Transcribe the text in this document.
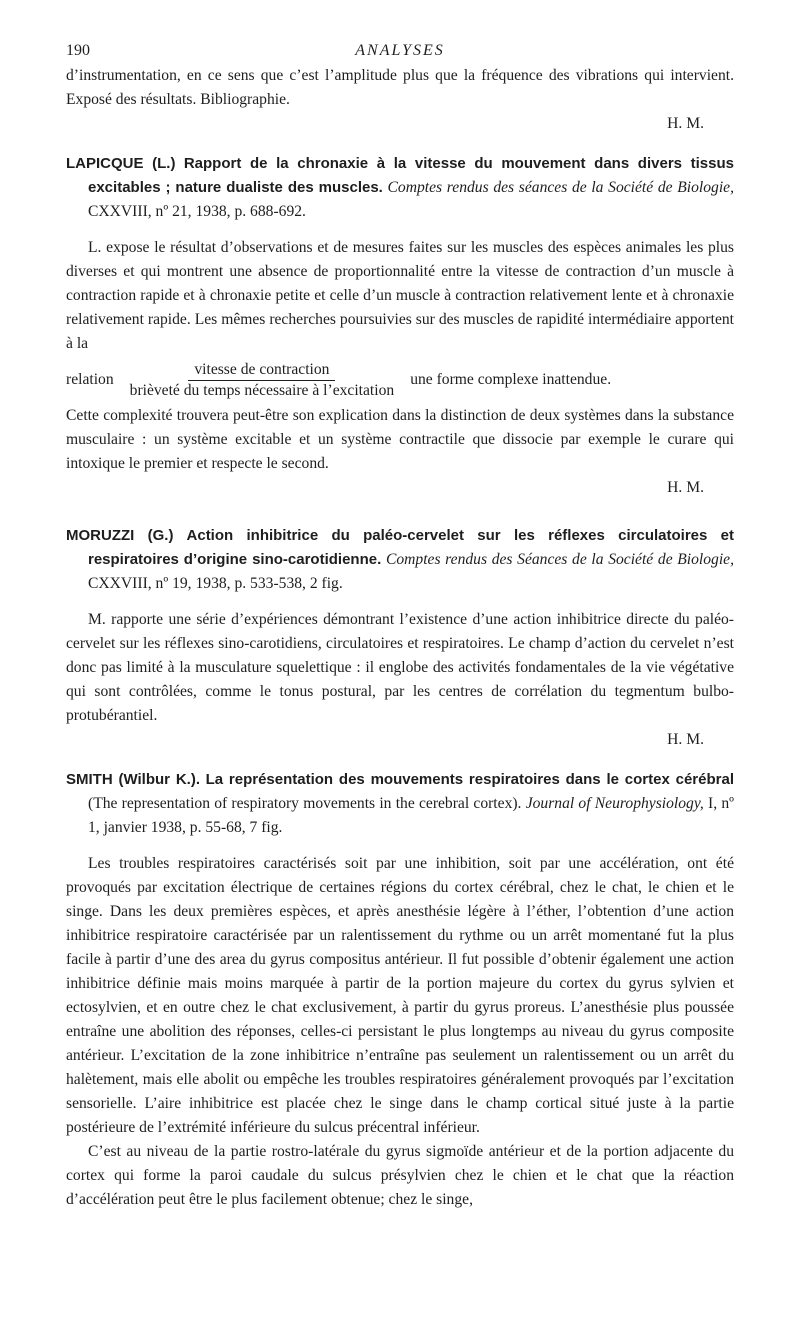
190	ANALYSES

d’instrumentation, en ce sens que c’est l’amplitude plus que la fréquence des vibrations qui intervient. Exposé des résultats. Bibliographie.

H. M.

LAPICQUE (L.) Rapport de la chronaxie à la vitesse du mouvement dans divers tissus excitables ; nature dualiste des muscles. Comptes rendus des séances de la Société de Biologie, CXXVIII, nº 21, 1938, p. 688-692.

L. expose le résultat d’observations et de mesures faites sur les muscles des espèces animales les plus diverses et qui montrent une absence de proportionnalité entre la vitesse de contraction d’un muscle à contraction rapide et à chronaxie petite et celle d’un muscle à contraction relativement lente et à chronaxie relativement rapide. Les mêmes recherches poursuivies sur des muscles de rapidité intermédiaire apportent à la

relation $\frac{\text{vitesse de contraction}}{\text{brièveté du temps nécessaire à l’excitation}}$ une forme complexe inattendue.

Cette complexité trouvera peut-être son explication dans la distinction de deux systèmes dans la substance musculaire : un système excitable et un système contractile que dissocie par exemple le curare qui intoxique le premier et respecte le second.

H. M.

MORUZZI (G.) Action inhibitrice du paléo-cervelet sur les réflexes circulatoires et respiratoires d’origine sino-carotidienne. Comptes rendus des Séances de la Société de Biologie, CXXVIII, nº 19, 1938, p. 533-538, 2 fig.

M. rapporte une série d’expériences démontrant l’existence d’une action inhibitrice directe du paléo-cervelet sur les réflexes sino-carotidiens, circulatoires et respiratoires. Le champ d’action du cervelet n’est donc pas limité à la musculature squelettique : il englobe des activités fondamentales de la vie végétative qui sont contrôlées, comme le tonus postural, par les centres de corrélation du tegmentum bulbo-protubérantiel.

H. M.

SMITH (Wilbur K.). La représentation des mouvements respiratoires dans le cortex cérébral (The representation of respiratory movements in the cerebral cortex). Journal of Neurophysiology, I, nº 1, janvier 1938, p. 55-68, 7 fig.

Les troubles respiratoires caractérisés soit par une inhibition, soit par une accélération, ont été provoqués par excitation électrique de certaines régions du cortex cérébral, chez le chat, le chien et le singe. Dans les deux premières espèces, et après anesthésie légère à l’éther, l’obtention d’une action inhibitrice respiratoire caractérisée par un ralentissement du rythme ou un arrêt momentané fut la plus facile à partir d’une des area du gyrus compositus antérieur. Il fut possible d’obtenir également une action inhibitrice définie mais moins marquée à partir de la portion majeure du cortex du gyrus sylvien et ectosylvien, et en outre chez le chat exclusivement, à partir du gyrus proreus. L’anesthésie plus poussée entraîne une abolition des réponses, celles-ci persistant le plus longtemps au niveau du gyrus composite antérieur. L’excitation de la zone inhibitrice n’entraîne pas seulement un ralentissement ou un arrêt du halètement, mais elle abolit ou empêche les troubles respiratoires généralement provoqués par l’excitation sensorielle. L’aire inhibitrice est placée chez le singe dans le champ cortical situé juste à la partie postérieure de l’extrémité inférieure du sulcus précentral inférieur.

C’est au niveau de la partie rostro-latérale du gyrus sigmoïde antérieur et de la portion adjacente du cortex qui forme la paroi caudale du sulcus présylvien chez le chien et le chat que la réaction d’accélération peut être le plus facilement obtenue; chez le singe,
